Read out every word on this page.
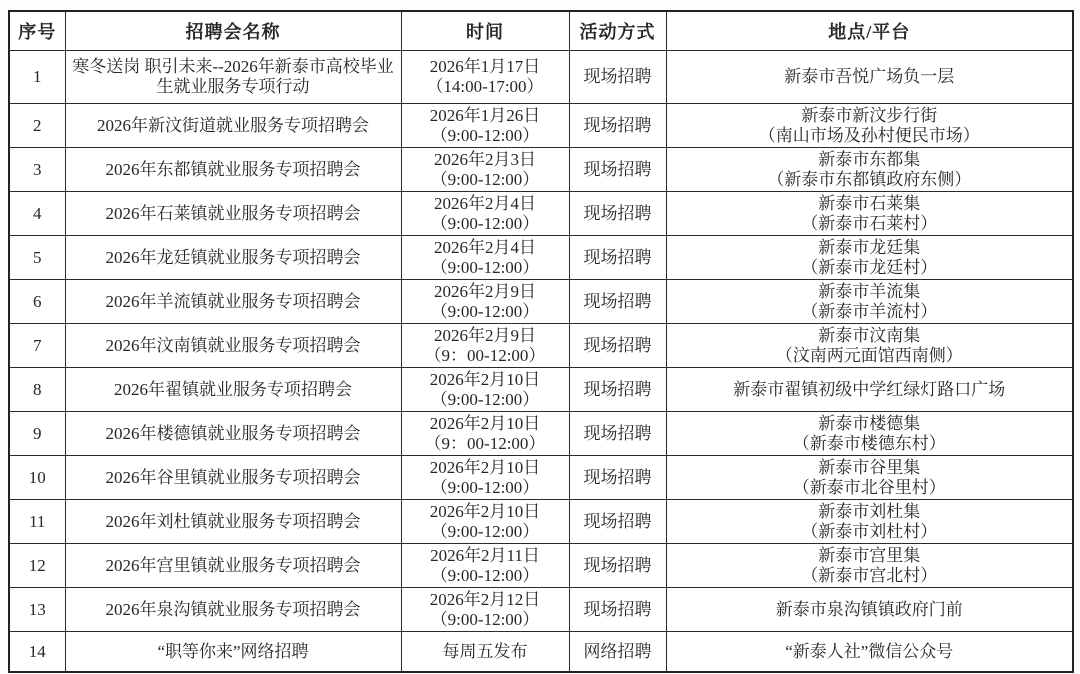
序号	招聘会名称	时间	活动方式	地点/平台
1	寒冬送岗 职引未来--2026年新泰市高校毕业生就业服务专项行动	2026年1月17日
（14:00-17:00）	现场招聘	新泰市吾悦广场负一层

2	2026年新汶街道就业服务专项招聘会	2026年1月26日
（9:00-12:00）	现场招聘	新泰市新汶步行街
（南山市场及孙村便民市场）

3	2026年东都镇就业服务专项招聘会	2026年2月3日
（9:00-12:00）	现场招聘	新泰市东都集
（新泰市东都镇政府东侧）

4	2026年石莱镇就业服务专项招聘会	2026年2月4日
（9:00-12:00）	现场招聘	新泰市石莱集
（新泰市石莱村）

5	2026年龙廷镇就业服务专项招聘会	2026年2月4日
（9:00-12:00）	现场招聘	新泰市龙廷集
（新泰市龙廷村）

6	2026年羊流镇就业服务专项招聘会	2026年2月9日
（9:00-12:00）	现场招聘	新泰市羊流集
（新泰市羊流村）

7	2026年汶南镇就业服务专项招聘会	2026年2月9日
（9：00-12:00）	现场招聘	新泰市汶南集
（汶南两元面馆西南侧）

8	2026年翟镇就业服务专项招聘会	2026年2月10日
（9:00-12:00）	现场招聘	新泰市翟镇初级中学红绿灯路口广场

9	2026年楼德镇就业服务专项招聘会	2026年2月10日
（9：00-12:00）	现场招聘	新泰市楼德集
（新泰市楼德东村）

10	2026年谷里镇就业服务专项招聘会	2026年2月10日
（9:00-12:00）	现场招聘	新泰市谷里集
（新泰市北谷里村）

11	2026年刘杜镇就业服务专项招聘会	2026年2月10日
（9:00-12:00）	现场招聘	新泰市刘杜集
（新泰市刘杜村）

12	2026年宫里镇就业服务专项招聘会	2026年2月11日
（9:00-12:00）	现场招聘	新泰市宫里集
（新泰市宫北村）

13	2026年泉沟镇就业服务专项招聘会	2026年2月12日
（9:00-12:00）	现场招聘	新泰市泉沟镇镇政府门前

14	“职等你来”网络招聘	每周五发布	网络招聘	“新泰人社”微信公众号
